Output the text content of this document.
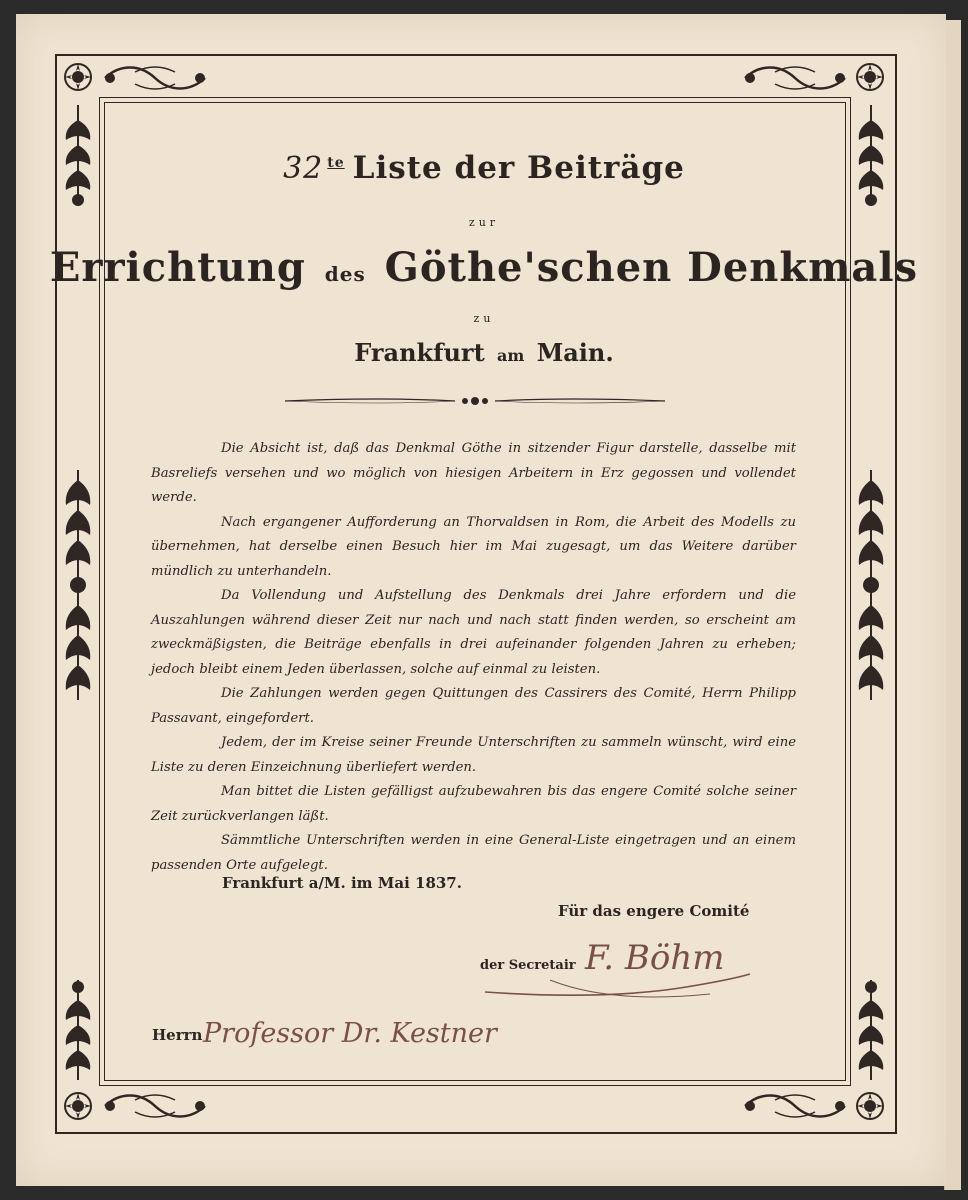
32 $^{te}$ Liste der Beiträge
zur
Errichtung des Göthe'schen Denkmals
zu
Frankfurt am Main.

Die Absicht ist, daß das Denkmal Göthe in sitzender Figur darstelle, dasselbe mit Basreliefs versehen und wo möglich von hiesigen Arbeitern in Erz gegossen und vollendet werde.

Nach ergangener Aufforderung an Thorvaldsen in Rom, die Arbeit des Modells zu übernehmen, hat derselbe einen Besuch hier im Mai zugesagt, um das Weitere darüber mündlich zu unterhandeln.

Da Vollendung und Aufstellung des Denkmals drei Jahre erfordern und die Auszahlungen während dieser Zeit nur nach und nach statt finden werden, so erscheint am zweckmäßigsten, die Beiträge ebenfalls in drei aufeinander folgenden Jahren zu erheben; jedoch bleibt einem Jeden überlassen, solche auf einmal zu leisten.

Die Zahlungen werden gegen Quittungen des Cassirers des Comité, Herrn Philipp Passavant, eingefordert.

Jedem, der im Kreise seiner Freunde Unterschriften zu sammeln wünscht, wird eine Liste zu deren Einzeichnung überliefert werden.

Man bittet die Listen gefälligst aufzubewahren bis das engere Comité solche seiner Zeit zurückverlangen läßt.

Sämmtliche Unterschriften werden in eine General-Liste eingetragen und an einem passenden Orte aufgelegt.

Frankfurt a/M. im Mai 1837.
Für das engere Comité
der Secretair F. Böhm
Herrn Professor Dr. Kestner
